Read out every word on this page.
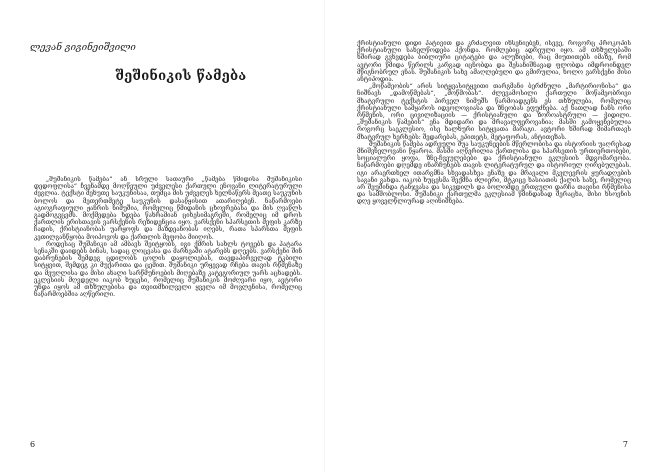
ლევან გიგინეიშვილი
შეშინიკის წამება

„შუშანიკის წამება“ ან სრული სათაური „წამება წმიდისა შუშანიკისი დედოფლისა“ ჩვენამდე მოღწეული უძველესი ქართული ენოვანი ლიტერატურული ძეგლია. ტექსტი მეხუთე საუკუნისაა, თუმცა მის უძველეს ხელნაწერს მეათე საუკუნის ბოლოს და მეთერთმეტე საუკუნის დასაწყისით ათარიღებენ. ნაწარმოები აგიოგრაფიული ჟანრის ნიმუშია, რომელიც წმიდანის ცხოვრებასა და მის ღვაწლს გადმოგვცემს. მოქმედება ხდება წახრამიან ციხესიმაგრეში, რომელიც იმ დროს ქართლის ერისთავის ვარსქენის რეზიდენცია იყო. ვარსქენი სპარსეთის მეფის კარზე ჩადის, ქრისტიანობას უარყოფს და მაზდეანობას იღებს, რათა სპარსთა მეფის კეთილგანწყობა მოიპოვოს და ქართლის მეფობა მიიღოს.

როდესაც შუშანიკი ამ ამბავს შეიტყობს, იგი ქმრის სახლს ტოვებს და პატარა სენაკში დაიდებს ბინას, სადაც ლოცვასა და მარხვაში ატარებს დღეებს. ვარსქენი შინ დაბრუნების შემდეგ ცდილობს ცოლის დაყოლიებას, თავდაპირველად ტკბილი სიტყვით, შემდეგ კი მუქარითა და ცემით. შუშანიკი ურყევად რჩება თავის რწმენაზე და მეუღლისა და მისი ახალი სარწმუნოების მიღებაზე კატეგორიულ უარს აცხადებს. ეკლესიის მღვდელი იაკობ ხუცესი, რომელიც შუშანიკის მოძღვარი იყო, ავტორი უნდა იყოს ამ თხზულებისა და თვითმხილველი ყველა იმ მოვლენისა, რომელიც ნაწარმოებშია აღწერილი.

6

ქრისტიანული დიდი პატივით და კრძალვით იხსენიებენ, ისევე, როგორც პროკოპის ქრისტიანული სახელწოდება ჰქონდა. რომლებიც ადრეული იყო. ამ თხზულებაში ხშირად გვხვდება ბიბლიური ციტატები და ალუზიები, რაც მიუთითებს იმაზე, რომ ავტორი წმიდა წერილს კარგად იცნობდა და შესანიშნავად ფლობდა იმდროინდელ მწიგნობრულ ენას. შუშანიკის სახე ამაღლებული და გმირულია, ხოლო ვარსქენი მისი ანტიპოდია.

„მოწამეობის“ არის სიტყვასიტყვითი თარგმანი ბერძნული „მარტირიონისა“ და ნიშნავს „დამოწმებას“, „მოწმობას“. ძლევამოსილი ქართული მოწამეობრივი მხატვრული ტექსტის პირველ ნიმუშს წარმოადგენს ეს თხზულება, რომელიც ქრისტიანული სამყაროს იდეოლოგიასა და ზნეობას ეფუძნება. აქ ნათლად ჩანს ორი რწმენის, ორი ცივილიზაციის — ქრისტიანული და ზოროასტრული — ჭიდილი. „შუშანიკის წამების“ ენა მდიდარი და მრავალფეროვანია; მასში გამოყენებულია როგორც საეკლესიო, ისე ხალხური სიტყვათა მარაგი. ავტორი ხშირად მიმართავს მხატვრულ ხერხებს: შედარებას, ეპითეტს, მეტაფორას, ანტითეზას.

შუშანიკის წამება ადრეული შუა საუკუნეების მწერლობისა და ისტორიის უაღრესად მნიშვნელოვანი წყაროა. მასში აღწერილია ქართლისა და სპარსეთის ურთიერთობები, სოციალური ყოფა, ზნე-ჩვეულებები და ქრისტიანული ეკლესიის მდგომარეობა. ნაწარმოები დღემდე ინარჩუნებს თავის ლიტერატურულ და ისტორიულ ღირებულებას. იგი არაერთხელ ითარგმნა სხვადასხვა ენაზე და მრავალი მკვლევრის ყურადღების საგანი გახდა. იაკობ ხუცესმა შექმნა ძლიერი, მტკიცე ხასიათის ქალის სახე, რომელიც არ შეუშინდა ტანჯვასა და სიკვდილს და ბოლომდე ერთგული დარჩა თავისი რწმენისა და სამშობლოსი. შუშანიკი ქართულმა ეკლესიამ წმინდანად შერაცხა, მისი ხსოვნის დღე ყოველწლიურად აღინიშნება.

7
